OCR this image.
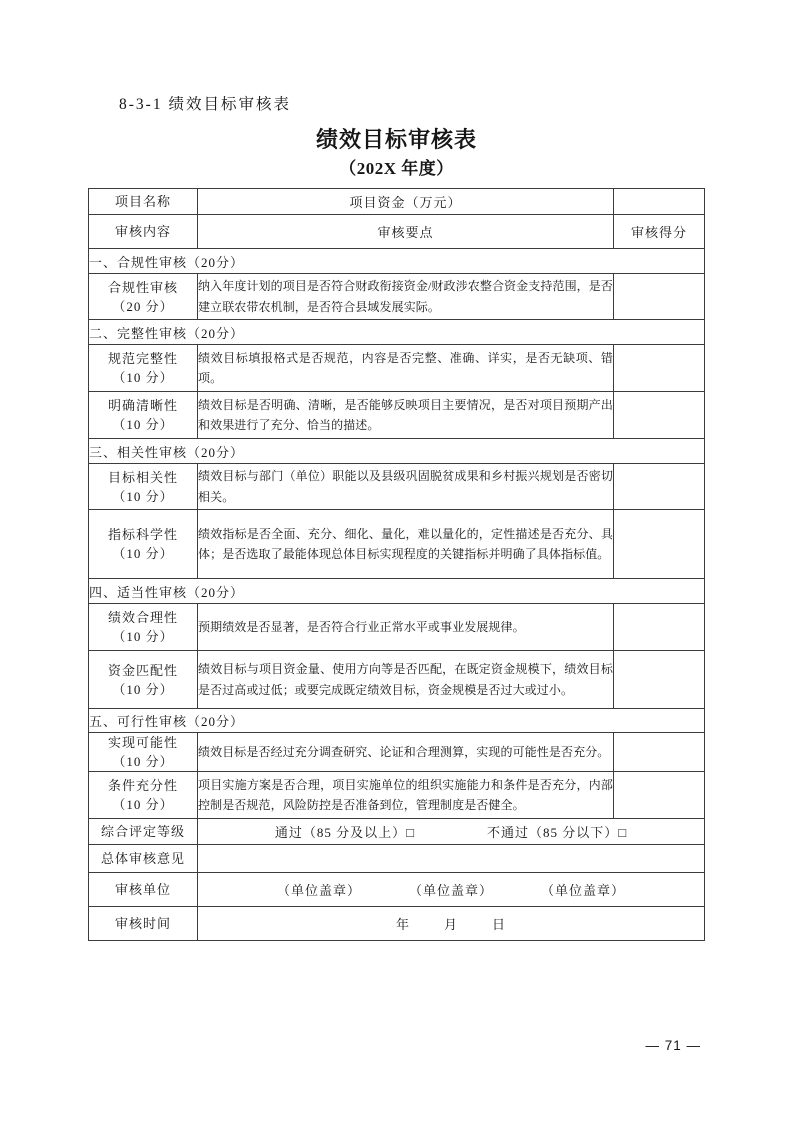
8-3-1 绩效目标审核表
绩效目标审核表
（202X 年度）
项目名称	项目资金（万元）	
审核内容	审核要点	审核得分
一、合规性审核（20分）		

合规性审核
（20 分）	纳入年度计划的项目是否符合财政衔接资金/财政涉农整合资金支持范围，是否建立联农带农机制，是否符合县域发展实际。	
二、完整性审核（20分）		

规范完整性
（10 分）	绩效目标填报格式是否规范，内容是否完整、准确、详实，是否无缺项、错项。	

明确清晰性
（10 分）	绩效目标是否明确、清晰，是否能够反映项目主要情况，是否对项目预期产出和效果进行了充分、恰当的描述。	
三、相关性审核（20分）		

目标相关性
（10 分）	绩效目标与部门（单位）职能以及县级巩固脱贫成果和乡村振兴规划是否密切相关。	

指标科学性
（10 分）	绩效指标是否全面、充分、细化、量化，难以量化的，定性描述是否充分、具体；是否选取了最能体现总体目标实现程度的关键指标并明确了具体指标值。	
四、适当性审核（20分）		

绩效合理性
（10 分）	预期绩效是否显著，是否符合行业正常水平或事业发展规律。	

资金匹配性
（10 分）	绩效目标与项目资金量、使用方向等是否匹配，在既定资金规模下，绩效目标是否过高或过低；或要完成既定绩效目标，资金规模是否过大或过小。	
五、可行性审核（20分）		

实现可能性
（10 分）	绩效目标是否经过充分调查研究、论证和合理测算，实现的可能性是否充分。	

条件充分性
（10 分）	项目实施方案是否合理，项目实施单位的组织实施能力和条件是否充分，内部控制是否规范，风险防控是否准备到位，管理制度是否健全。	
综合评定等级	通过（85 分及以上）□ 不通过（85 分以下）□	

总体审核意见		
审核单位	（单位盖章） （单位盖章） （单位盖章）	

审核时间	年 月 日	
— 71 —
